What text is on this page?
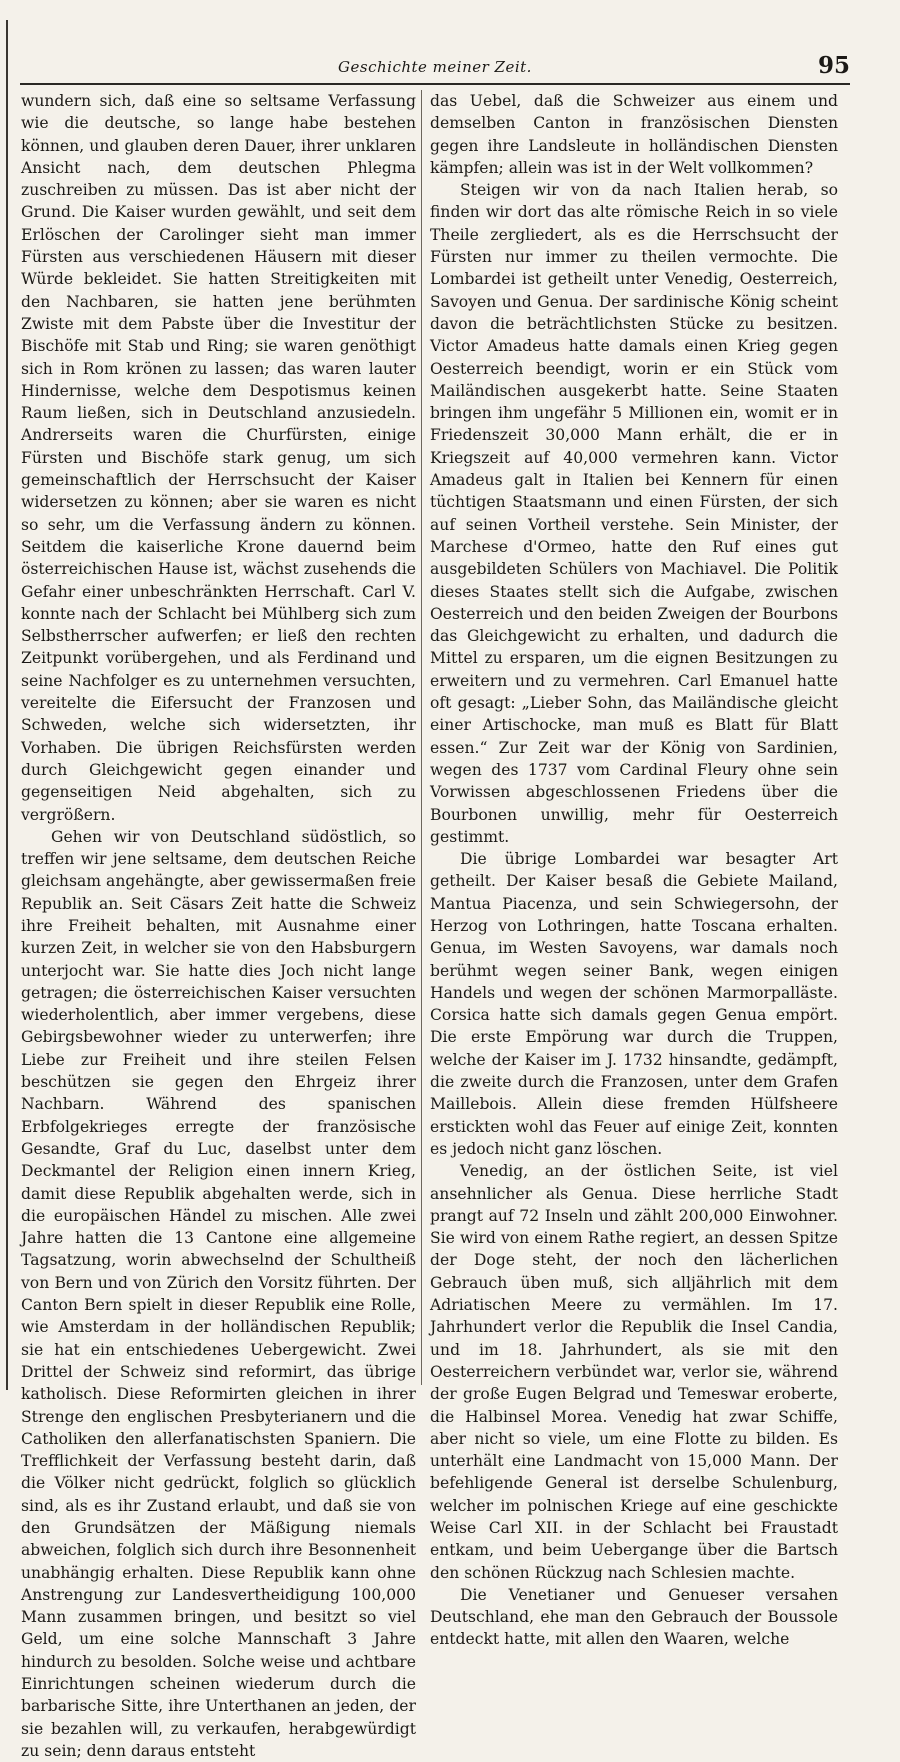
Geschichte meiner Zeit.	95

wundern sich, daß eine so seltsame Verfassung wie die deutsche, so lange habe bestehen können, und glauben deren Dauer, ihrer unklaren Ansicht nach, dem deutschen Phlegma zuschreiben zu müssen. Das ist aber nicht der Grund. Die Kaiser wurden gewählt, und seit dem Erlöschen der Carolinger sieht man immer Fürsten aus verschiedenen Häusern mit dieser Würde bekleidet. Sie hatten Streitigkeiten mit den Nachbaren, sie hatten jene berühmten Zwiste mit dem Pabste über die Investitur der Bischöfe mit Stab und Ring; sie waren genöthigt sich in Rom krönen zu lassen; das waren lauter Hindernisse, welche dem Despotismus keinen Raum ließen, sich in Deutschland anzusiedeln. Andrerseits waren die Churfürsten, einige Fürsten und Bischöfe stark genug, um sich gemeinschaftlich der Herrschsucht der Kaiser widersetzen zu können; aber sie waren es nicht so sehr, um die Verfassung ändern zu können. Seitdem die kaiserliche Krone dauernd beim österreichischen Hause ist, wächst zusehends die Gefahr einer unbeschränkten Herrschaft. Carl V. konnte nach der Schlacht bei Mühlberg sich zum Selbstherrscher aufwerfen; er ließ den rechten Zeitpunkt vorübergehen, und als Ferdinand und seine Nachfolger es zu unternehmen versuchten, vereitelte die Eifersucht der Franzosen und Schweden, welche sich widersetzten, ihr Vorhaben. Die übrigen Reichsfürsten werden durch Gleichgewicht gegen einander und gegenseitigen Neid abgehalten, sich zu vergrößern.

Gehen wir von Deutschland südöstlich, so treffen wir jene seltsame, dem deutschen Reiche gleichsam angehängte, aber gewissermaßen freie Republik an. Seit Cäsars Zeit hatte die Schweiz ihre Freiheit behalten, mit Ausnahme einer kurzen Zeit, in welcher sie von den Habsburgern unterjocht war. Sie hatte dies Joch nicht lange getragen; die österreichischen Kaiser versuchten wiederholentlich, aber immer vergebens, diese Gebirgsbewohner wieder zu unterwerfen; ihre Liebe zur Freiheit und ihre steilen Felsen beschützen sie gegen den Ehrgeiz ihrer Nachbarn. Während des spanischen Erbfolgekrieges erregte der französische Gesandte, Graf du Luc, daselbst unter dem Deckmantel der Religion einen innern Krieg, damit diese Republik abgehalten werde, sich in die europäischen Händel zu mischen. Alle zwei Jahre hatten die 13 Cantone eine allgemeine Tagsatzung, worin abwechselnd der Schultheiß von Bern und von Zürich den Vorsitz führten. Der Canton Bern spielt in dieser Republik eine Rolle, wie Amsterdam in der holländischen Republik; sie hat ein entschiedenes Uebergewicht. Zwei Drittel der Schweiz sind reformirt, das übrige katholisch. Diese Reformirten gleichen in ihrer Strenge den englischen Presbyterianern und die Catholiken den allerfanatischsten Spaniern. Die Trefflichkeit der Verfassung besteht darin, daß die Völker nicht gedrückt, folglich so glücklich sind, als es ihr Zustand erlaubt, und daß sie von den Grundsätzen der Mäßigung niemals abweichen, folglich sich durch ihre Besonnenheit unabhängig erhalten. Diese Republik kann ohne Anstrengung zur Landesvertheidigung 100,000 Mann zusammen bringen, und besitzt so viel Geld, um eine solche Mannschaft 3 Jahre hindurch zu besolden. Solche weise und achtbare Einrichtungen scheinen wiederum durch die barbarische Sitte, ihre Unterthanen an jeden, der sie bezahlen will, zu verkaufen, herabgewürdigt zu sein; denn daraus entsteht

das Uebel, daß die Schweizer aus einem und demselben Canton in französischen Diensten gegen ihre Landsleute in holländischen Diensten kämpfen; allein was ist in der Welt vollkommen?

Steigen wir von da nach Italien herab, so finden wir dort das alte römische Reich in so viele Theile zergliedert, als es die Herrschsucht der Fürsten nur immer zu theilen vermochte. Die Lombardei ist getheilt unter Venedig, Oesterreich, Savoyen und Genua. Der sardinische König scheint davon die beträchtlichsten Stücke zu besitzen. Victor Amadeus hatte damals einen Krieg gegen Oesterreich beendigt, worin er ein Stück vom Mailändischen ausgekerbt hatte. Seine Staaten bringen ihm ungefähr 5 Millionen ein, womit er in Friedenszeit 30,000 Mann erhält, die er in Kriegszeit auf 40,000 vermehren kann. Victor Amadeus galt in Italien bei Kennern für einen tüchtigen Staatsmann und einen Fürsten, der sich auf seinen Vortheil verstehe. Sein Minister, der Marchese d'Ormeo, hatte den Ruf eines gut ausgebildeten Schülers von Machiavel. Die Politik dieses Staates stellt sich die Aufgabe, zwischen Oesterreich und den beiden Zweigen der Bourbons das Gleichgewicht zu erhalten, und dadurch die Mittel zu ersparen, um die eignen Besitzungen zu erweitern und zu vermehren. Carl Emanuel hatte oft gesagt: „Lieber Sohn, das Mailändische gleicht einer Artischocke, man muß es Blatt für Blatt essen.“ Zur Zeit war der König von Sardinien, wegen des 1737 vom Cardinal Fleury ohne sein Vorwissen abgeschlossenen Friedens über die Bourbonen unwillig, mehr für Oesterreich gestimmt.

Die übrige Lombardei war besagter Art getheilt. Der Kaiser besaß die Gebiete Mailand, Mantua Piacenza, und sein Schwiegersohn, der Herzog von Lothringen, hatte Toscana erhalten. Genua, im Westen Savoyens, war damals noch berühmt wegen seiner Bank, wegen einigen Handels und wegen der schönen Marmorpalläste. Corsica hatte sich damals gegen Genua empört. Die erste Empörung war durch die Truppen, welche der Kaiser im J. 1732 hinsandte, gedämpft, die zweite durch die Franzosen, unter dem Grafen Maillebois. Allein diese fremden Hülfsheere erstickten wohl das Feuer auf einige Zeit, konnten es jedoch nicht ganz löschen.

Venedig, an der östlichen Seite, ist viel ansehnlicher als Genua. Diese herrliche Stadt prangt auf 72 Inseln und zählt 200,000 Einwohner. Sie wird von einem Rathe regiert, an dessen Spitze der Doge steht, der noch den lächerlichen Gebrauch üben muß, sich alljährlich mit dem Adriatischen Meere zu vermählen. Im 17. Jahrhundert verlor die Republik die Insel Candia, und im 18. Jahrhundert, als sie mit den Oesterreichern verbündet war, verlor sie, während der große Eugen Belgrad und Temeswar eroberte, die Halbinsel Morea. Venedig hat zwar Schiffe, aber nicht so viele, um eine Flotte zu bilden. Es unterhält eine Landmacht von 15,000 Mann. Der befehligende General ist derselbe Schulenburg, welcher im polnischen Kriege auf eine geschickte Weise Carl XII. in der Schlacht bei Fraustadt entkam, und beim Uebergange über die Bartsch den schönen Rückzug nach Schlesien machte.

Die Venetianer und Genueser versahen Deutschland, ehe man den Gebrauch der Boussole entdeckt hatte, mit allen den Waaren, welche
